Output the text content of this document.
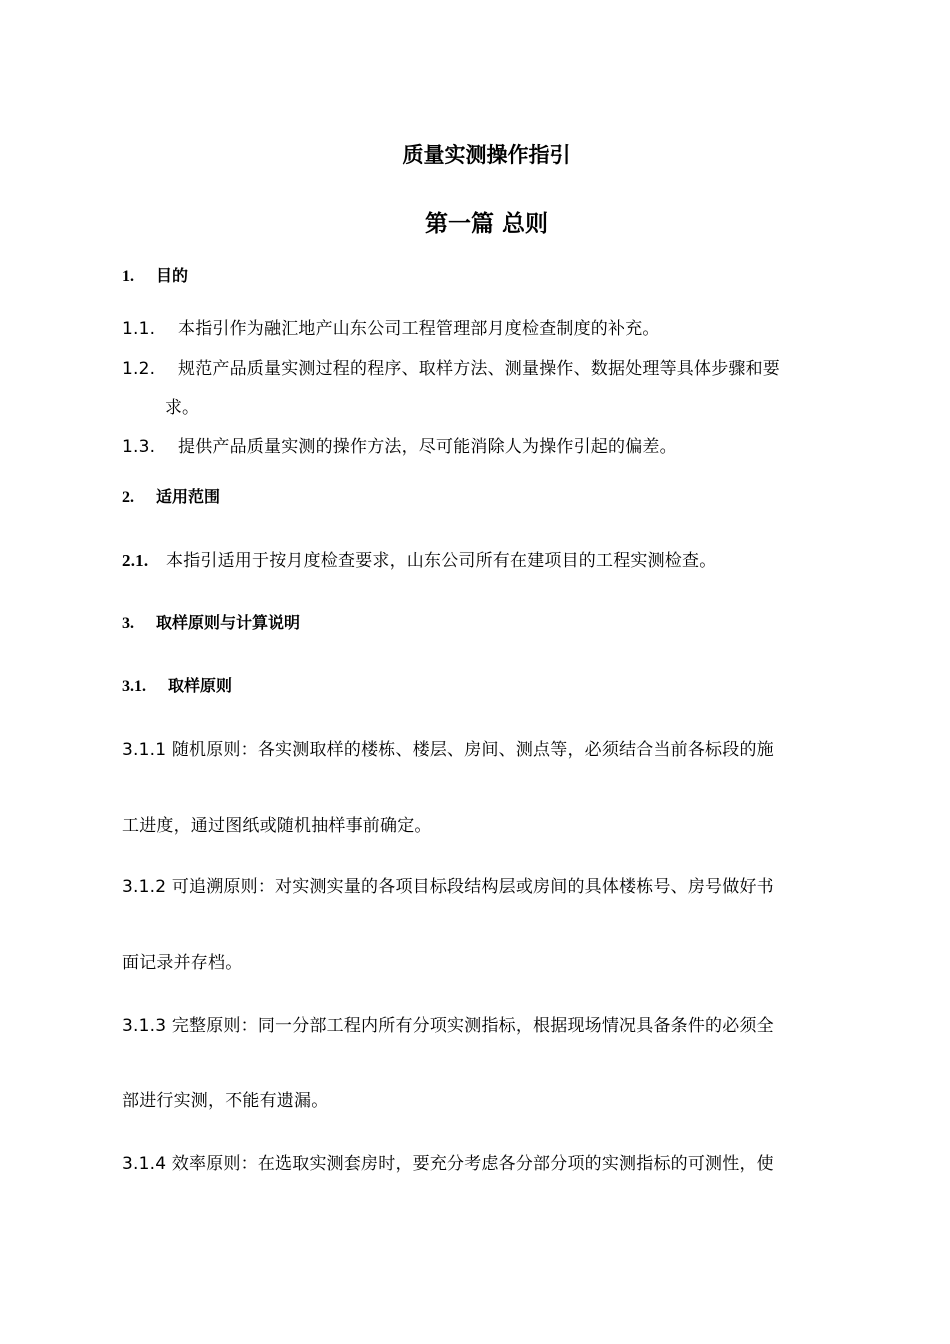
质量实测操作指引
第一篇 总则
1. 目的
1.1. 本指引作为融汇地产山东公司工程管理部月度检查制度的补充。
1.2. 规范产品质量实测过程的程序、取样方法、测量操作、数据处理等具体步骤和要
求。
1.3. 提供产品质量实测的操作方法，尽可能消除人为操作引起的偏差。
2. 适用范围
2.1. 本指引适用于按月度检查要求，山东公司所有在建项目的工程实测检查。
3. 取样原则与计算说明
3.1. 取样原则
3.1.1 随机原则：各实测取样的楼栋、楼层、房间、测点等，必须结合当前各标段的施
工进度，通过图纸或随机抽样事前确定。
3.1.2 可追溯原则：对实测实量的各项目标段结构层或房间的具体楼栋号、房号做好书
面记录并存档。
3.1.3 完整原则：同一分部工程内所有分项实测指标，根据现场情况具备条件的必须全
部进行实测，不能有遗漏。
3.1.4 效率原则：在选取实测套房时，要充分考虑各分部分项的实测指标的可测性，使
